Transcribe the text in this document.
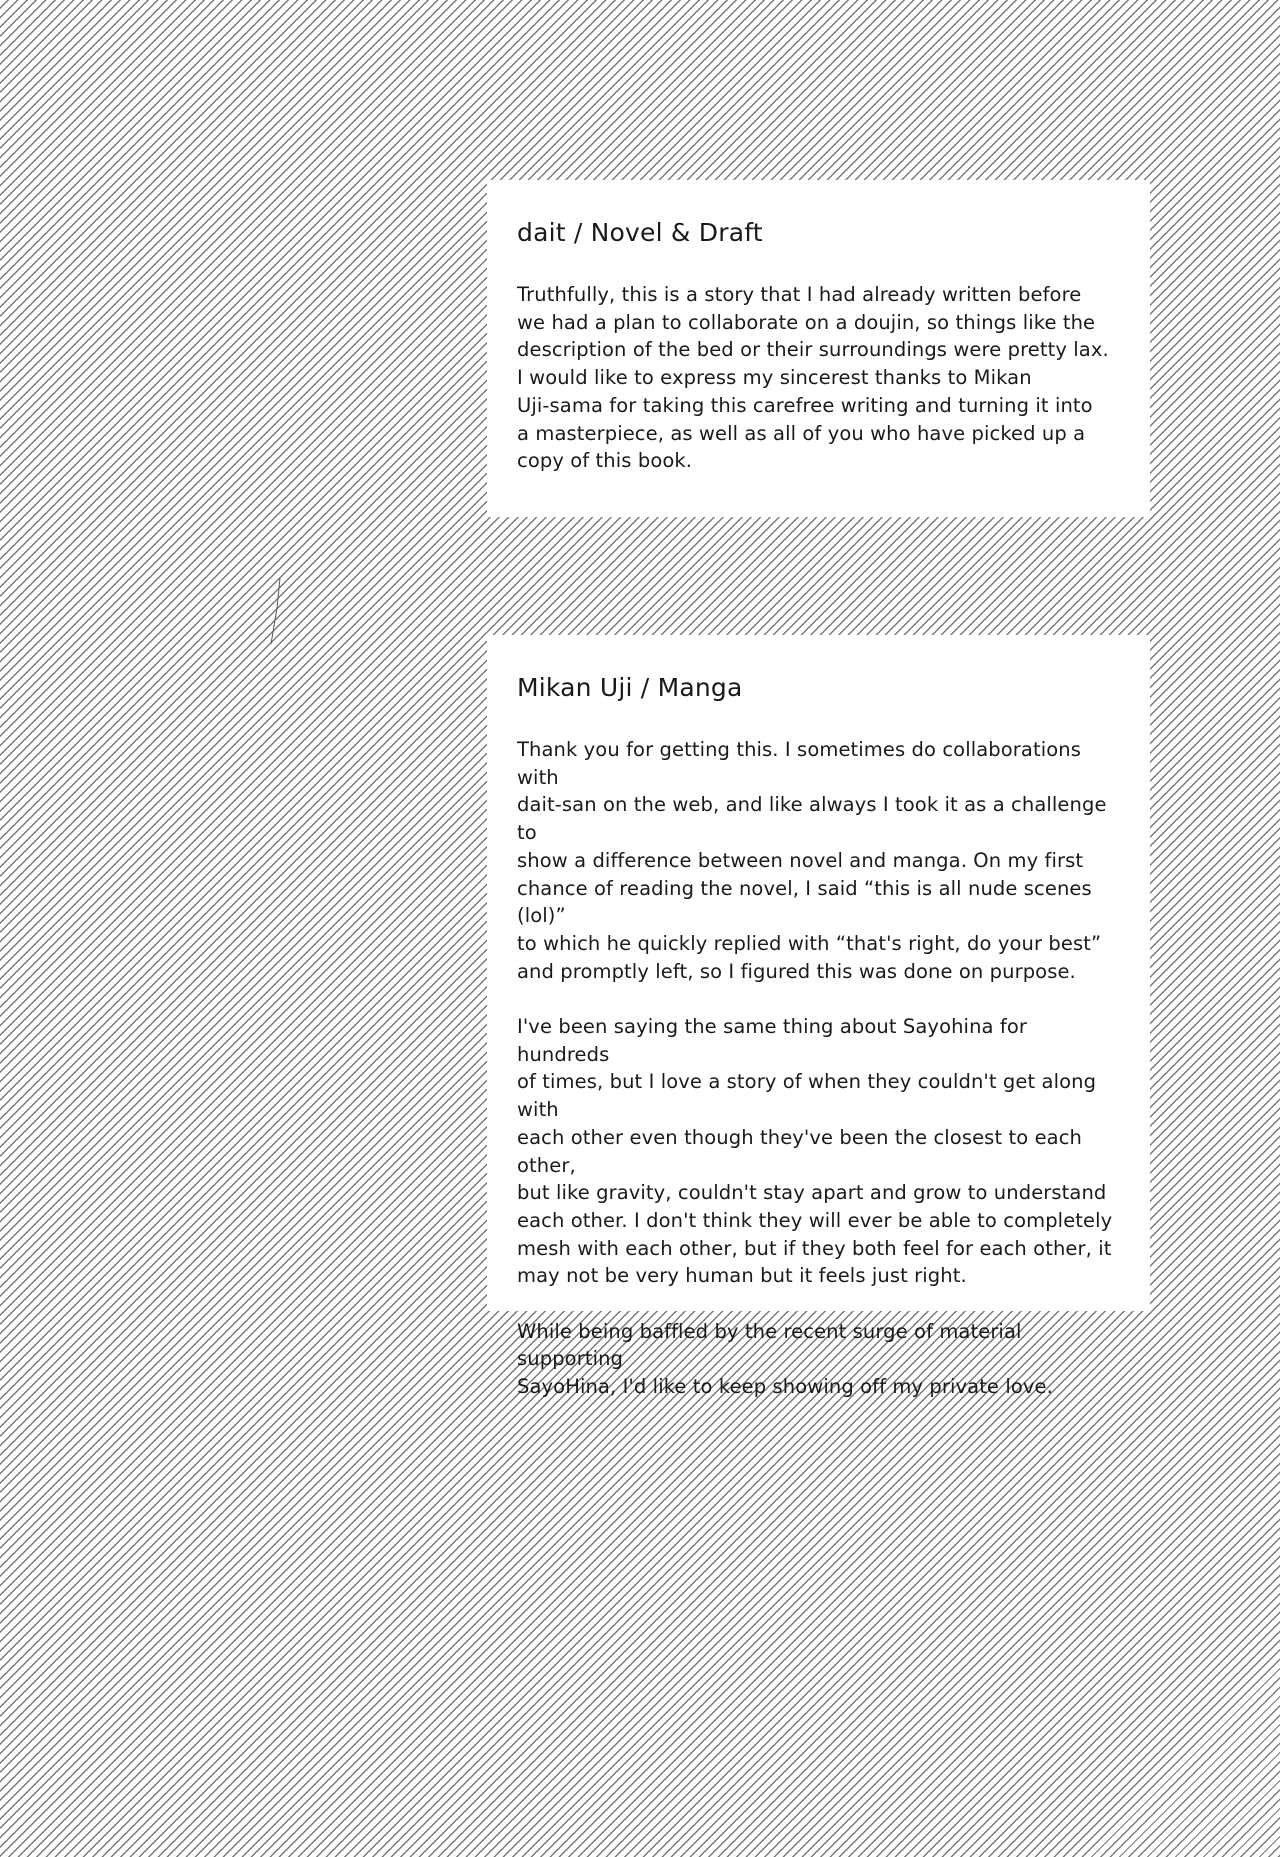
dait / Novel & Draft

Truthfully, this is a story that I had already written before
we had a plan to collaborate on a doujin, so things like the
description of the bed or their surroundings were pretty lax.
I would like to express my sincerest thanks to Mikan
Uji-sama for taking this carefree writing and turning it into
a masterpiece, as well as all of you who have picked up a
copy of this book.

Mikan Uji / Manga

Thank you for getting this. I sometimes do collaborations with
dait-san on the web, and like always I took it as a challenge to
show a difference between novel and manga. On my first
chance of reading the novel, I said “this is all nude scenes (lol)”
to which he quickly replied with “that's right, do your best”
and promptly left, so I figured this was done on purpose.

I've been saying the same thing about Sayohina for hundreds
of times, but I love a story of when they couldn't get along with
each other even though they've been the closest to each other,
but like gravity, couldn't stay apart and grow to understand
each other. I don't think they will ever be able to completely
mesh with each other, but if they both feel for each other, it
may not be very human but it feels just right.

While being baffled by the recent surge of material supporting
SayoHina, I'd like to keep showing off my private love.
